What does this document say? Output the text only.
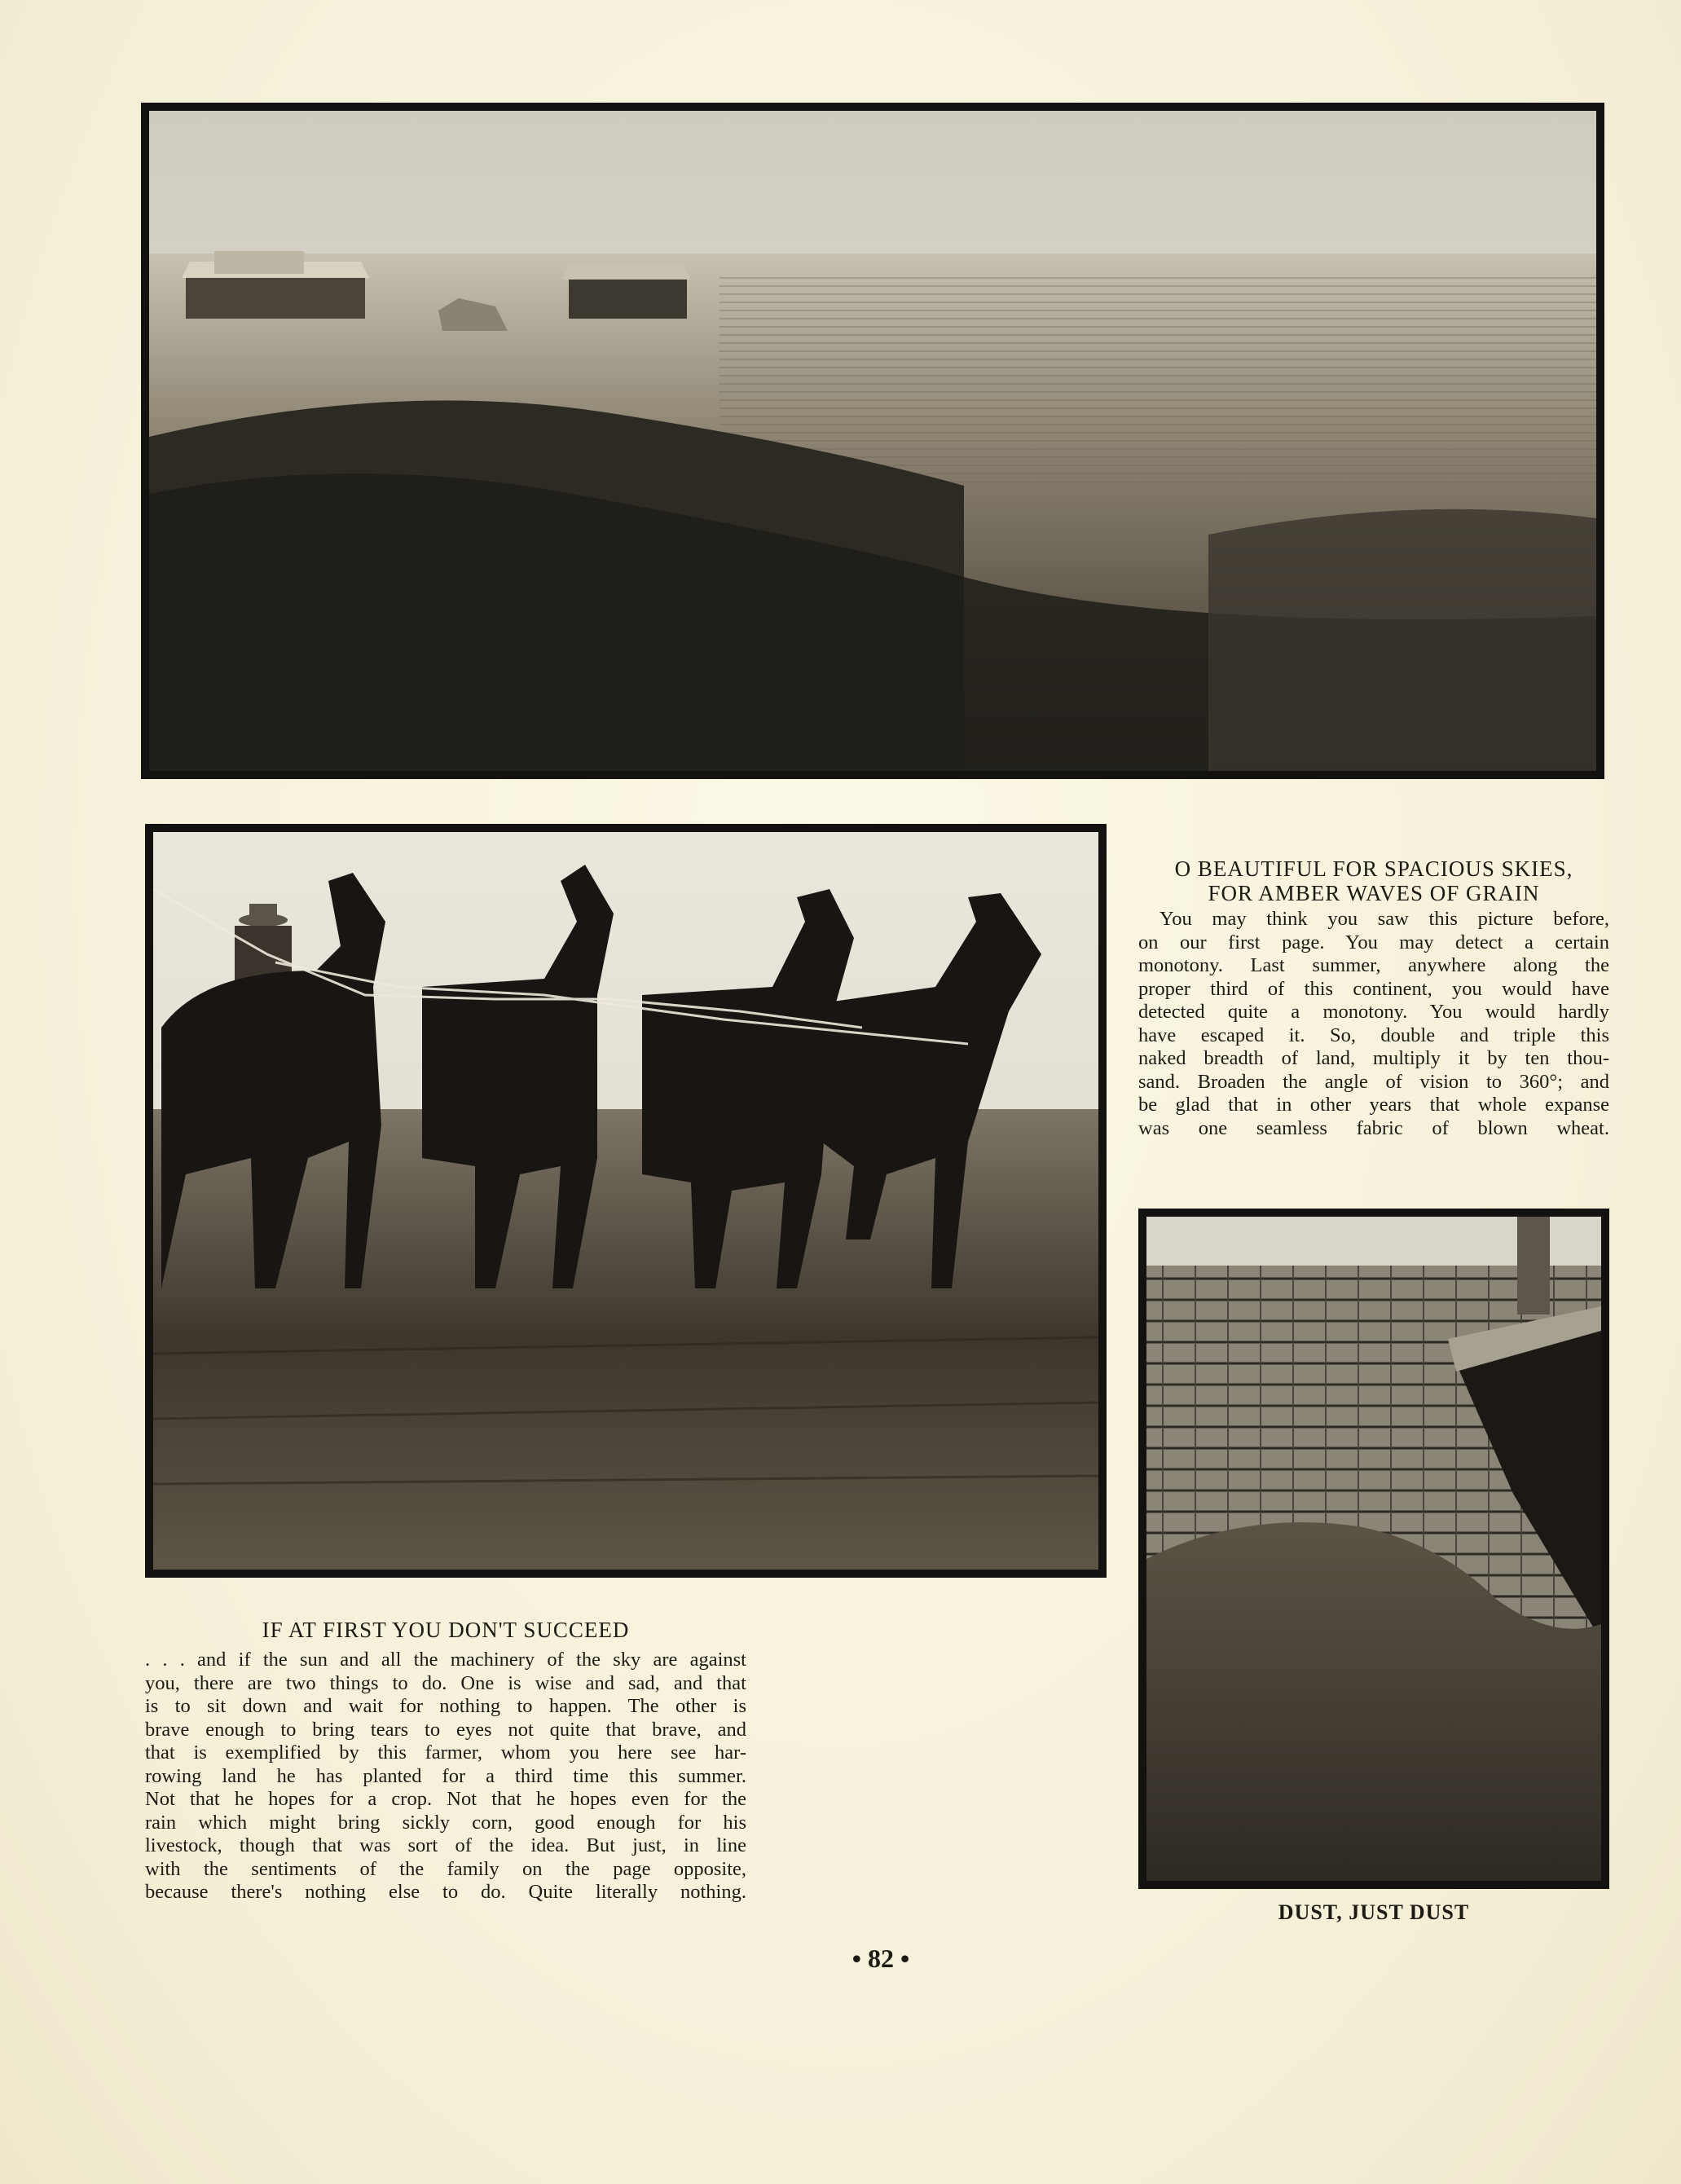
O BEAUTIFUL FOR SPACIOUS SKIES,
FOR AMBER WAVES OF GRAIN
You may think you saw this picture before,
on our first page. You may detect a certain
monotony. Last summer, anywhere along the
proper third of this continent, you would have
detected quite a monotony. You would hardly
have escaped it. So, double and triple this
naked breadth of land, multiply it by ten thou-
sand. Broaden the angle of vision to 360°; and
be glad that in other years that whole expanse
was one seamless fabric of blown wheat.
IF AT FIRST YOU DON'T SUCCEED
. . . and if the sun and all the machinery of the sky are against
you, there are two things to do. One is wise and sad, and that
is to sit down and wait for nothing to happen. The other is
brave enough to bring tears to eyes not quite that brave, and
that is exemplified by this farmer, whom you here see har-
rowing land he has planted for a third time this summer.
Not that he hopes for a crop. Not that he hopes even for the
rain which might bring sickly corn, good enough for his
livestock, though that was sort of the idea. But just, in line
with the sentiments of the family on the page opposite,
because there's nothing else to do. Quite literally nothing.
DUST, JUST DUST
• 82 •
